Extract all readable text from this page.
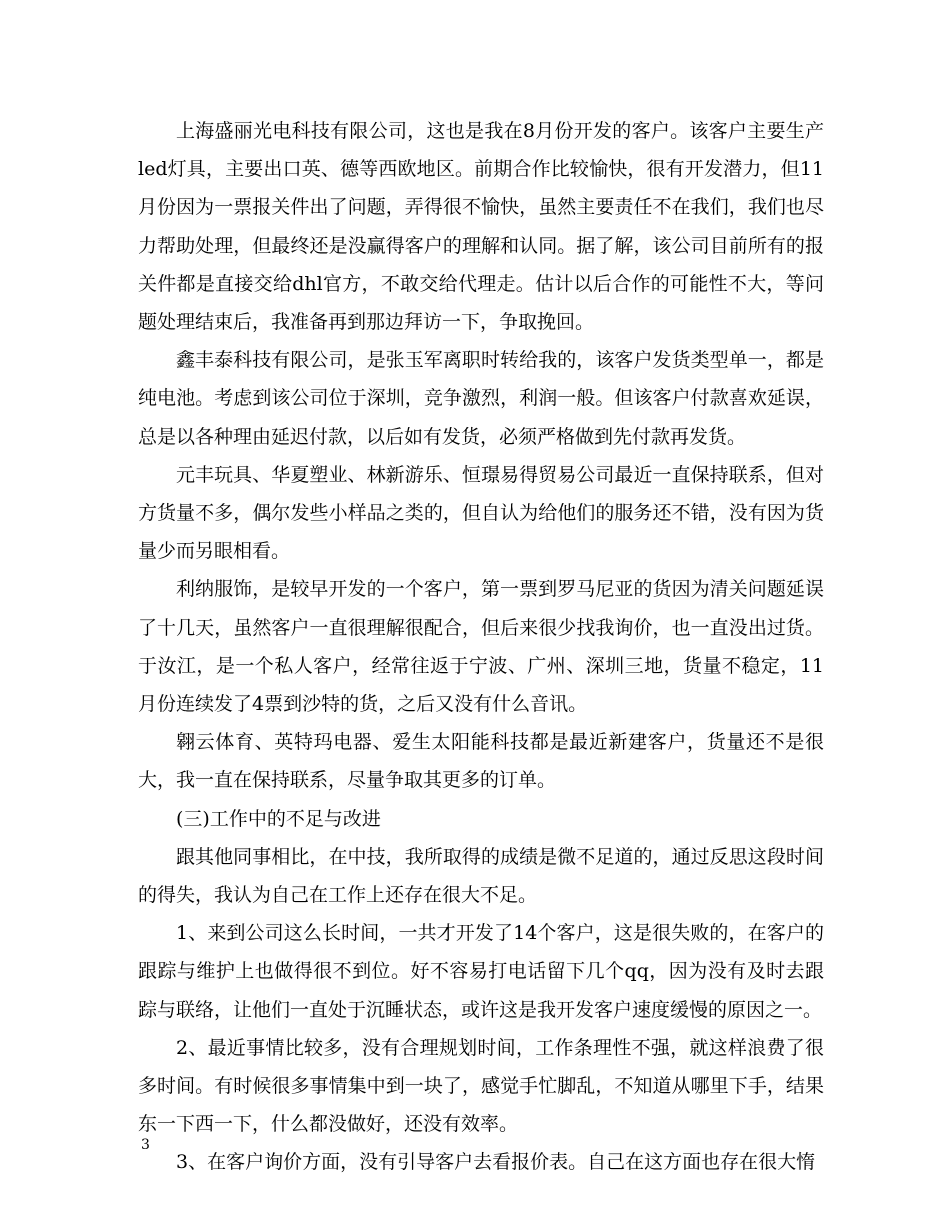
上海盛丽光电科技有限公司，这也是我在8月份开发的客户。该客户主要生产led灯具，主要出口英、德等西欧地区。前期合作比较愉快，很有开发潜力，但11月份因为一票报关件出了问题，弄得很不愉快，虽然主要责任不在我们，我们也尽力帮助处理，但最终还是没赢得客户的理解和认同。据了解，该公司目前所有的报关件都是直接交给dhl官方，不敢交给代理走。估计以后合作的可能性不大，等问题处理结束后，我准备再到那边拜访一下，争取挽回。

鑫丰泰科技有限公司，是张玉军离职时转给我的，该客户发货类型单一，都是纯电池。考虑到该公司位于深圳，竞争激烈，利润一般。但该客户付款喜欢延误，总是以各种理由延迟付款，以后如有发货，必须严格做到先付款再发货。

元丰玩具、华夏塑业、林新游乐、恒璟易得贸易公司最近一直保持联系，但对方货量不多，偶尔发些小样品之类的，但自认为给他们的服务还不错，没有因为货量少而另眼相看。

利纳服饰，是较早开发的一个客户，第一票到罗马尼亚的货因为清关问题延误了十几天，虽然客户一直很理解很配合，但后来很少找我询价，也一直没出过货。于汝江，是一个私人客户，经常往返于宁波、广州、深圳三地，货量不稳定，11月份连续发了4票到沙特的货，之后又没有什么音讯。

翱云体育、英特玛电器、爱生太阳能科技都是最近新建客户，货量还不是很大，我一直在保持联系，尽量争取其更多的订单。

(三)工作中的不足与改进

跟其他同事相比，在中技，我所取得的成绩是微不足道的，通过反思这段时间的得失，我认为自己在工作上还存在很大不足。

1、来到公司这么长时间，一共才开发了14个客户，这是很失败的，在客户的跟踪与维护上也做得很不到位。好不容易打电话留下几个qq，因为没有及时去跟踪与联络，让他们一直处于沉睡状态，或许这是我开发客户速度缓慢的原因之一。

2、最近事情比较多，没有合理规划时间，工作条理性不强，就这样浪费了很多时间。有时候很多事情集中到一块了，感觉手忙脚乱，不知道从哪里下手，结果东一下西一下，什么都没做好，还没有效率。

3、在客户询价方面，没有引导客户去看报价表。自己在这方面也存在很大惰

3
